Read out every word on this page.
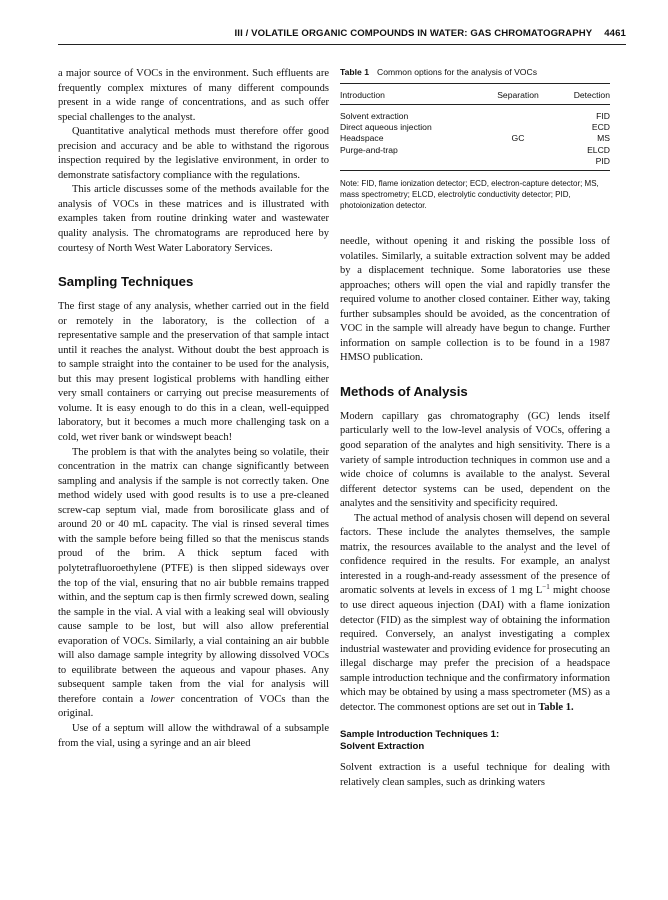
III / VOLATILE ORGANIC COMPOUNDS IN WATER: GAS CHROMATOGRAPHY 4461

a major source of VOCs in the environment. Such effluents are frequently complex mixtures of many different compounds present in a wide range of concentrations, and as such offer special challenges to the analyst.

Quantitative analytical methods must therefore offer good precision and accuracy and be able to withstand the rigorous inspection required by the legislative environment, in order to demonstrate satisfactory compliance with the regulations.

This article discusses some of the methods available for the analysis of VOCs in these matrices and is illustrated with examples taken from routine drinking water and wastewater quality analysis. The chromatograms are reproduced here by courtesy of North West Water Laboratory Services.

Sampling Techniques

The first stage of any analysis, whether carried out in the field or remotely in the laboratory, is the collection of a representative sample and the preservation of that sample intact until it reaches the analyst. Without doubt the best approach is to sample straight into the container to be used for the analysis, but this may present logistical problems with handling either very small containers or carrying out precise measurements of volume. It is easy enough to do this in a clean, well-equipped laboratory, but it becomes a much more challenging task on a cold, wet river bank or windswept beach!

The problem is that with the analytes being so volatile, their concentration in the matrix can change significantly between sampling and analysis if the sample is not correctly taken. One method widely used with good results is to use a pre-cleaned screw-cap septum vial, made from borosilicate glass and of around 20 or 40 mL capacity. The vial is rinsed several times with the sample before being filled so that the meniscus stands proud of the brim. A thick septum faced with polytetrafluoroethylene (PTFE) is then slipped sideways over the top of the vial, ensuring that no air bubble remains trapped within, and the septum cap is then firmly screwed down, sealing the sample in the vial. A vial with a leaking seal will obviously cause sample to be lost, but will also allow preferential evaporation of VOCs. Similarly, a vial containing an air bubble will also damage sample integrity by allowing dissolved VOCs to equilibrate between the aqueous and vapour phases. Any subsequent sample taken from the vial for analysis will therefore contain a lower concentration of VOCs than the original.

Use of a septum will allow the withdrawal of a subsample from the vial, using a syringe and an air bleed

Table 1 Common options for the analysis of VOCs
Introduction	Separation	Detection
Solvent extraction
Direct aqueous injection
Headspace
Purge-and-trap
GC
FID
ECD
MS
ELCD
PID
Note: FID, flame ionization detector; ECD, electron-capture detector; MS, mass spectrometry; ELCD, electrolytic conductivity detector; PID, photoionization detector.

needle, without opening it and risking the possible loss of volatiles. Similarly, a suitable extraction solvent may be added by a displacement technique. Some laboratories use these approaches; others will open the vial and rapidly transfer the required volume to another closed container. Either way, taking further subsamples should be avoided, as the concentration of VOC in the sample will already have begun to change. Further information on sample collection is to be found in a 1987 HMSO publication.

Methods of Analysis

Modern capillary gas chromatography (GC) lends itself particularly well to the low-level analysis of VOCs, offering a good separation of the analytes and high sensitivity. There is a variety of sample introduction techniques in common use and a wide choice of columns is available to the analyst. Several different detector systems can be used, dependent on the analytes and the sensitivity and specificity required.

The actual method of analysis chosen will depend on several factors. These include the analytes themselves, the sample matrix, the resources available to the analyst and the level of confidence required in the results. For example, an analyst interested in a rough-and-ready assessment of the presence of aromatic solvents at levels in excess of 1 mg $L^{-1}$ might choose to use direct aqueous injection (DAI) with a flame ionization detector (FID) as the simplest way of obtaining the information required. Conversely, an analyst investigating a complex industrial wastewater and providing evidence for prosecuting an illegal discharge may prefer the precision of a headspace sample introduction technique and the confirmatory information which may be obtained by using a mass spectrometer (MS) as a detector. The commonest options are set out in Table 1.

Sample Introduction Techniques 1:
Solvent Extraction

Solvent extraction is a useful technique for dealing with relatively clean samples, such as drinking waters
